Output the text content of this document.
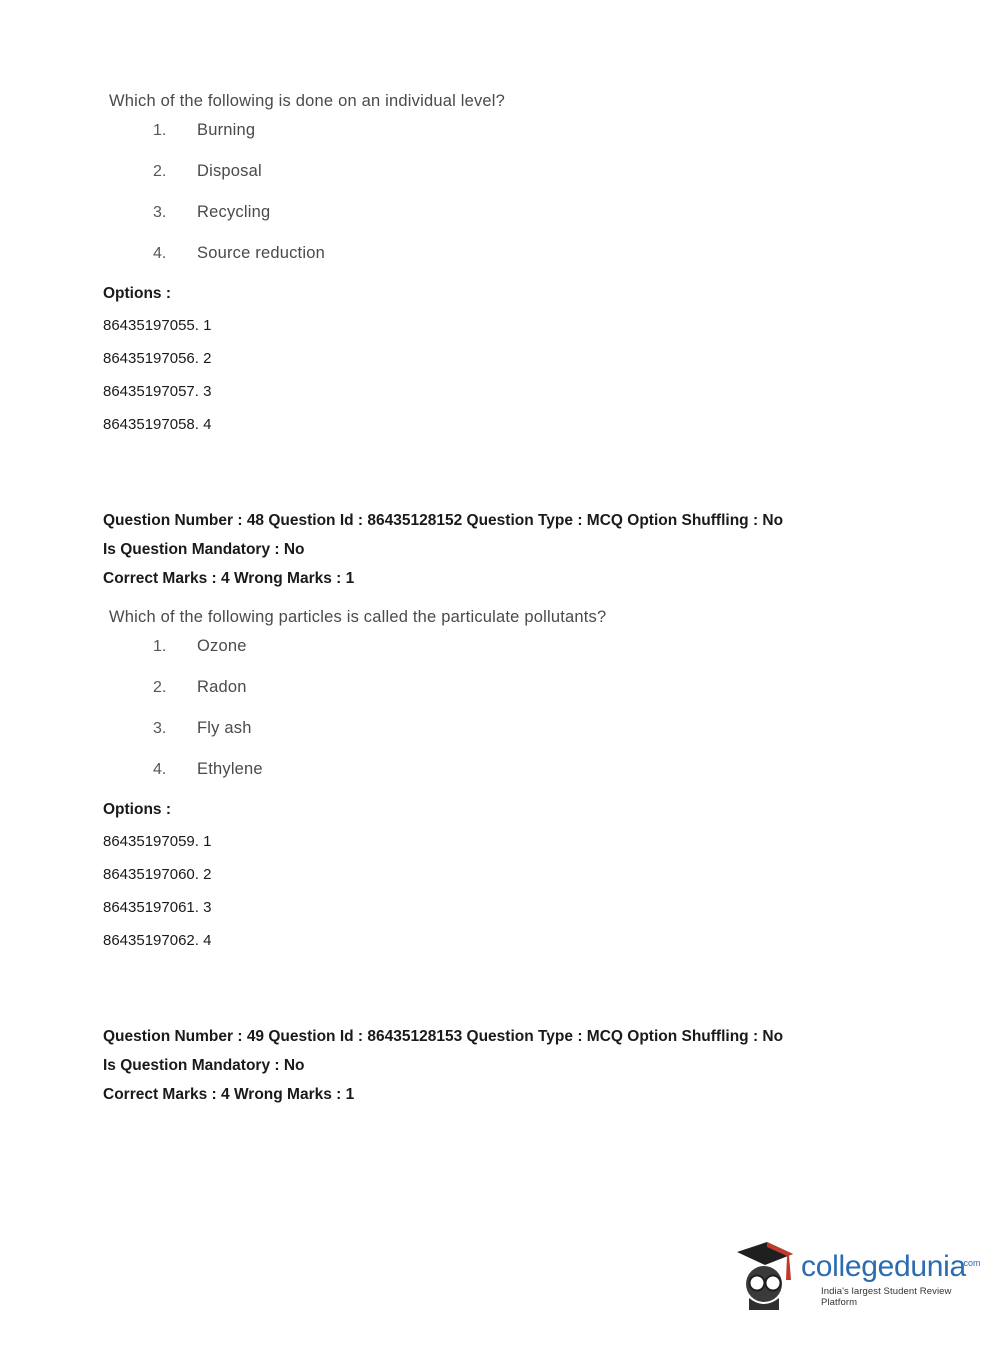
Which of the following is done on an individual level?

1.	Burning
2.	Disposal
3.	Recycling
4.	Source reduction

Options :

86435197055. 1

86435197056. 2

86435197057. 3

86435197058. 4

Question Number : 48 Question Id : 86435128152 Question Type : MCQ Option Shuffling : No

Is Question Mandatory : No

Correct Marks : 4 Wrong Marks : 1

Which of the following particles is called the particulate pollutants?

1.	Ozone
2.	Radon
3.	Fly ash
4.	Ethylene

Options :

86435197059. 1

86435197060. 2

86435197061. 3

86435197062. 4

Question Number : 49 Question Id : 86435128153 Question Type : MCQ Option Shuffling : No

Is Question Mandatory : No

Correct Marks : 4 Wrong Marks : 1

collegedunia
.com
India's largest Student Review Platform
